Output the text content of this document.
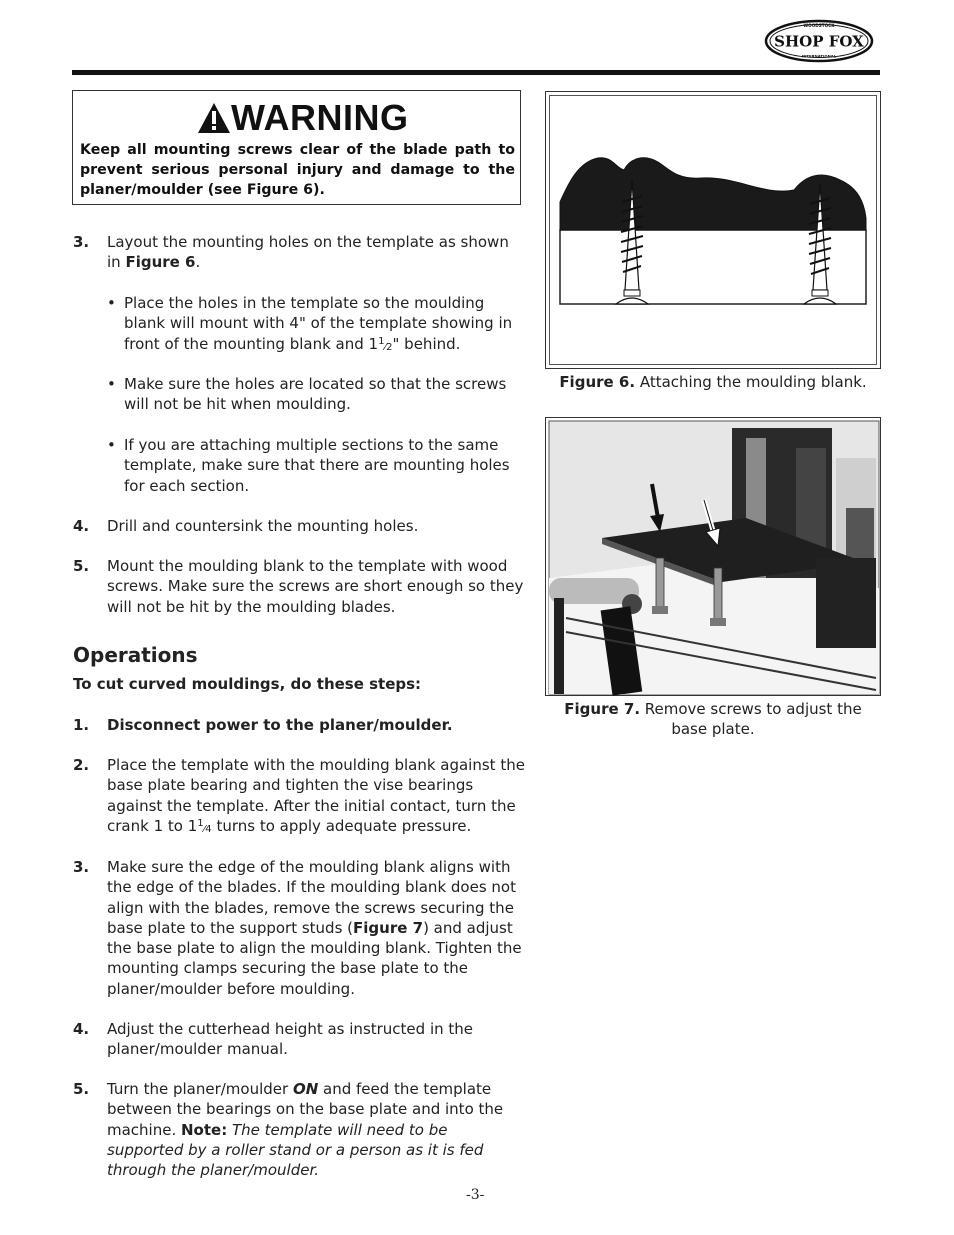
WOODSTOCK
SHOP FOX
INTERNATIONAL
WARNING
Keep all mounting screws clear of the blade path to prevent serious personal injury and damage to the planer/moulder (see Figure 6).
3. Layout the mounting holes on the template as shown in Figure 6.
• Place the holes in the template so the moulding blank will mount with 4" of the template showing in front of the mounting blank and $1^1⁄2$" behind.
• Make sure the holes are located so that the screws will not be hit when moulding.
• If you are attaching multiple sections to the same template, make sure that there are mounting holes for each section.
4. Drill and countersink the mounting holes.
5. Mount the moulding blank to the template with wood screws. Make sure the screws are short enough so they will not be hit by the moulding blades.
Operations
To cut curved mouldings, do these steps:
1. Disconnect power to the planer/moulder.
2. Place the template with the moulding blank against the base plate bearing and tighten the vise bearings against the template. After the initial contact, turn the crank 1 to $1^1⁄4$ turns to apply adequate pressure.
3. Make sure the edge of the moulding blank aligns with the edge of the blades. If the moulding blank does not align with the blades, remove the screws securing the base plate to the support studs (Figure 7) and adjust the base plate to align the moulding blank. Tighten the mounting clamps securing the base plate to the planer/moulder before moulding.
4. Adjust the cutterhead height as instructed in the planer/moulder manual.
5. Turn the planer/moulder ON and feed the template between the bearings on the base plate and into the machine. Note: The template will need to be supported by a roller stand or a person as it is fed through the planer/moulder.
Figure 6. Attaching the moulding blank.
Figure 7. Remove screws to adjust the base plate.
-3-
